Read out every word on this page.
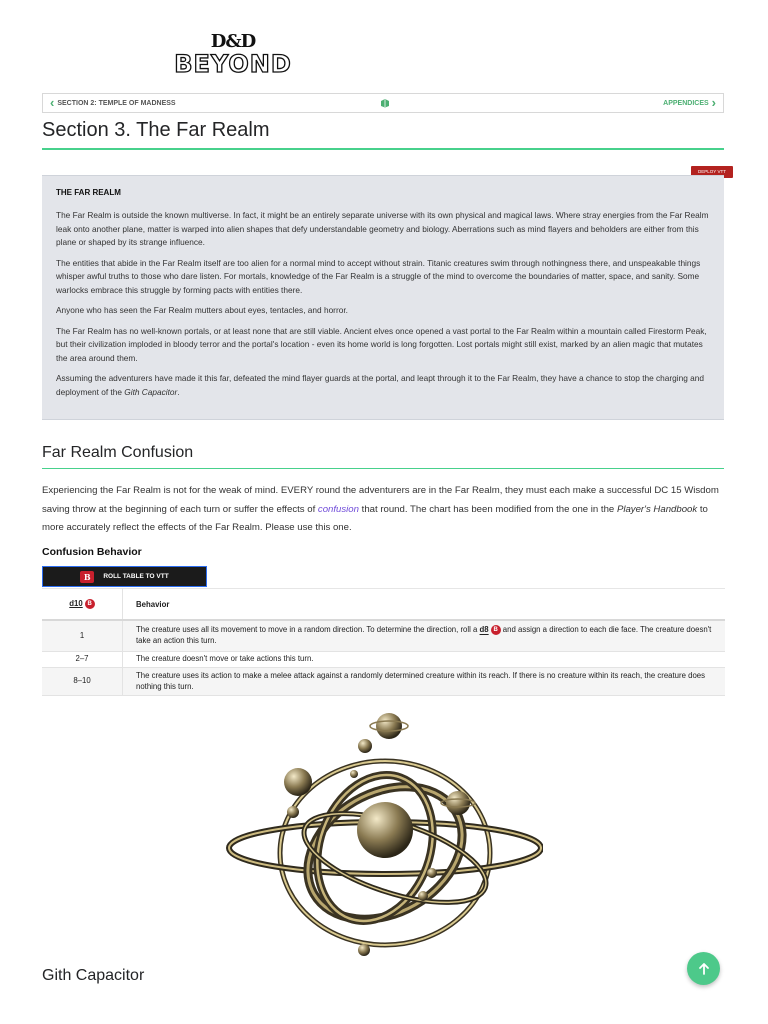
D&D
BEYOND
‹ SECTION 2: TEMPLE OF MADNESS	APPENDICES ›
Section 3. The Far Realm
DEPLOY VTT
THE FAR REALM

The Far Realm is outside the known multiverse. In fact, it might be an entirely separate universe with its own physical and magical laws. Where stray energies from the Far Realm leak onto another plane, matter is warped into alien shapes that defy understandable geometry and biology. Aberrations such as mind flayers and beholders are either from this plane or shaped by its strange influence.

The entities that abide in the Far Realm itself are too alien for a normal mind to accept without strain. Titanic creatures swim through nothingness there, and unspeakable things whisper awful truths to those who dare listen. For mortals, knowledge of the Far Realm is a struggle of the mind to overcome the boundaries of matter, space, and sanity. Some warlocks embrace this struggle by forming pacts with entities there.

Anyone who has seen the Far Realm mutters about eyes, tentacles, and horror.

The Far Realm has no well-known portals, or at least none that are still viable. Ancient elves once opened a vast portal to the Far Realm within a mountain called Firestorm Peak, but their civilization imploded in bloody terror and the portal's location - even its home world is long forgotten. Lost portals might still exist, marked by an alien magic that mutates the area around them.

Assuming the adventurers have made it this far, defeated the mind flayer guards at the portal, and leapt through it to the Far Realm, they have a chance to stop the charging and deployment of the Gith Capacitor.

Far Realm Confusion

Experiencing the Far Realm is not for the weak of mind. EVERY round the adventurers are in the Far Realm, they must each make a successful DC 15 Wisdom saving throw at the beginning of each turn or suffer the effects of confusion that round. The chart has been modified from the one in the Player's Handbook to more accurately reflect the effects of the Far Realm. Please use this one.

Confusion Behavior
B	ROLL TABLE TO VTT
d10 B	Behavior
1	The creature uses all its movement to move in a random direction. To determine the direction, roll a d8 B and assign a direction to each die face. The creature doesn't take an action this turn.
2–7	The creature doesn't move or take actions this turn.
8–10	The creature uses its action to make a melee attack against a randomly determined creature within its reach. If there is no creature within its reach, the creature does nothing this turn.
Gith Capacitor
